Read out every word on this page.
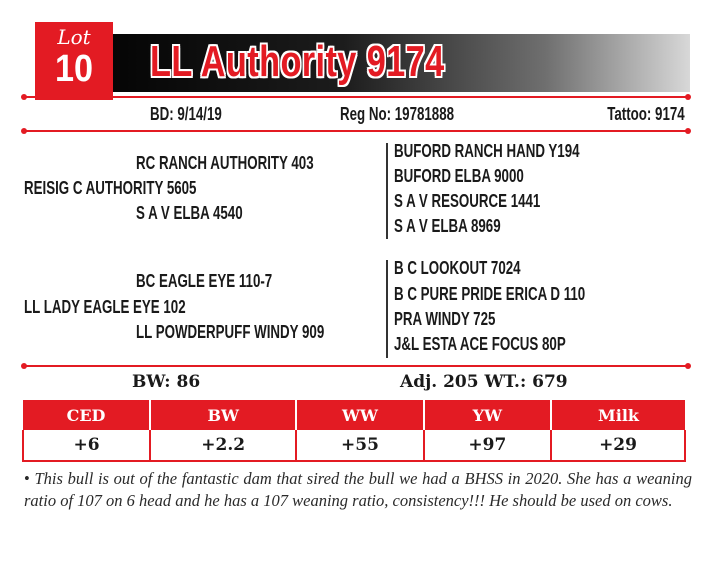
Lot
10	LL Authority 9174
BD: 9/14/19	Reg No: 19781888	Tattoo: 9174
RC RANCH AUTHORITY 403
REISIG C AUTHORITY 5605
S A V ELBA 4540
BUFORD RANCH HAND Y194
BUFORD ELBA 9000
S A V RESOURCE 1441
S A V ELBA 8969
BC EAGLE EYE 110-7
LL LADY EAGLE EYE 102
LL POWDERPUFF WINDY 909
B C LOOKOUT 7024
B C PURE PRIDE ERICA D 110
PRA WINDY 725
J&L ESTA ACE FOCUS 80P
BW: 86	Adj. 205 WT.: 679
CED	BW	WW	YW	Milk
+6	+2.2	+55	+97	+29
• This bull is out of the fantastic dam that sired the bull we had a BHSS in 2020. She has a weaning ratio of 107 on 6 head and he has a 107 weaning ratio, consistency!!! He should be used on cows.
